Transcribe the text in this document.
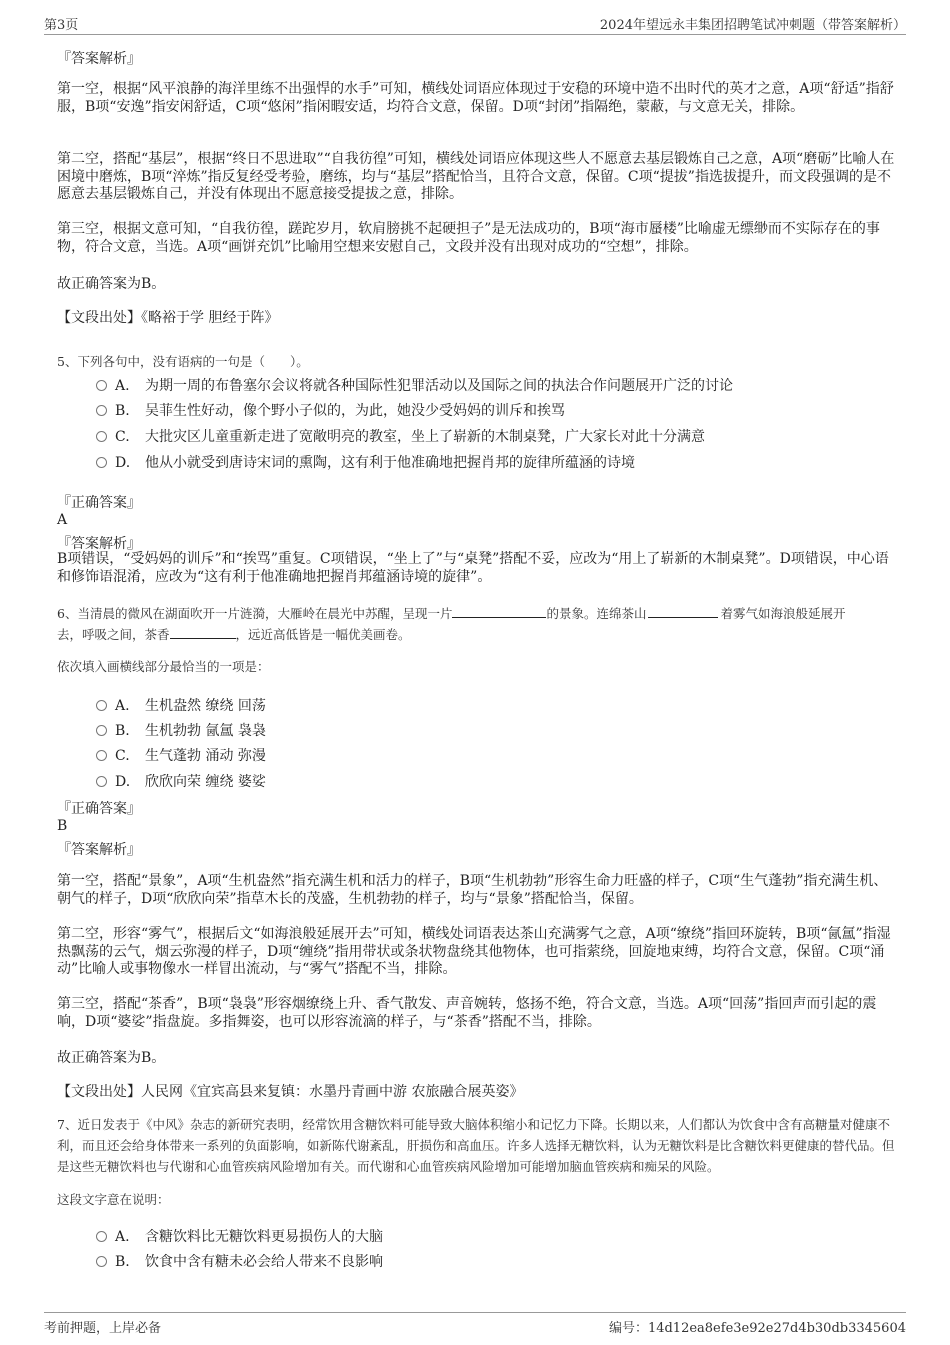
第3页	2024年望远永丰集团招聘笔试冲刺题（带答案解析）
『答案解析』

第一空，根据“风平浪静的海洋里练不出强悍的水手”可知，横线处词语应体现过于安稳的环境中造不出时代的英才之意，A项“舒适”指舒服，B项“安逸”指安闲舒适，C项“悠闲”指闲暇安适，均符合文意，保留。D项“封闭”指隔绝，蒙蔽，与文意无关，排除。

第二空，搭配“基层”，根据“终日不思进取”“自我彷徨”可知，横线处词语应体现这些人不愿意去基层锻炼自己之意，A项“磨砺”比喻人在困境中磨炼，B项“淬炼”指反复经受考验，磨练，均与“基层”搭配恰当，且符合文意，保留。C项“提拔”指选拔提升，而文段强调的是不愿意去基层锻炼自己，并没有体现出不愿意接受提拔之意，排除。

第三空，根据文意可知，“自我彷徨，蹉跎岁月，软肩膀挑不起硬担子”是无法成功的，B项“海市蜃楼”比喻虚无缥缈而不实际存在的事物，符合文意，当选。A项“画饼充饥”比喻用空想来安慰自己，文段并没有出现对成功的“空想”，排除。

故正确答案为B。
【文段出处】《略裕于学 胆经于阵》
5、下列各句中，没有语病的一句是（　　）。
A. 为期一周的布鲁塞尔会议将就各种国际性犯罪活动以及国际之间的执法合作问题展开广泛的讨论
B. 吴菲生性好动，像个野小子似的，为此，她没少受妈妈的训斥和挨骂
C. 大批灾区儿童重新走进了宽敞明亮的教室，坐上了崭新的木制桌凳，广大家长对此十分满意
D. 他从小就受到唐诗宋词的熏陶，这有利于他准确地把握肖邦的旋律所蕴涵的诗境
『正确答案』
A
『答案解析』

B项错误，“受妈妈的训斥”和“挨骂”重复。C项错误，“坐上了”与“桌凳”搭配不妥，应改为“用上了崭新的木制桌凳”。D项错误，中心语和修饰语混淆，应改为“这有利于他准确地把握肖邦蕴涵诗境的旋律”。

6、当清晨的微风在湖面吹开一片涟漪，大雁岭在晨光中苏醒，呈现一片	的景象。连绵茶山	着雾气如海浪般延展开
去，呼吸之间，茶香	，远近高低皆是一幅优美画卷。
依次填入画横线部分最恰当的一项是：
A. 生机盎然 缭绕 回荡
B. 生机勃勃 氤氲 袅袅
C. 生气蓬勃 涌动 弥漫
D. 欣欣向荣 缠绕 婆娑
『正确答案』
B
『答案解析』

第一空，搭配“景象”，A项“生机盎然”指充满生机和活力的样子，B项“生机勃勃”形容生命力旺盛的样子，C项“生气蓬勃”指充满生机、朝气的样子，D项“欣欣向荣”指草木长的茂盛，生机勃勃的样子，均与“景象”搭配恰当，保留。

第二空，形容“雾气”，根据后文“如海浪般延展开去”可知，横线处词语表达茶山充满雾气之意，A项“缭绕”指回环旋转，B项“氤氲”指湿热飘荡的云气，烟云弥漫的样子，D项“缠绕”指用带状或条状物盘绕其他物体，也可指萦绕，回旋地束缚，均符合文意，保留。C项“涌动”比喻人或事物像水一样冒出流动，与“雾气”搭配不当，排除。

第三空，搭配“茶香”，B项“袅袅”形容烟缭绕上升、香气散发、声音婉转，悠扬不绝，符合文意，当选。A项“回荡”指回声而引起的震响，D项“婆娑”指盘旋。多指舞姿，也可以形容流滴的样子，与“茶香”搭配不当，排除。

故正确答案为B。
【文段出处】人民网《宜宾高县来复镇：水墨丹青画中游 农旅融合展英姿》

7、近日发表于《中风》杂志的新研究表明，经常饮用含糖饮料可能导致大脑体积缩小和记忆力下降。长期以来，人们都认为饮食中含有高糖量对健康不利，而且还会给身体带来一系列的负面影响，如新陈代谢紊乱，肝损伤和高血压。许多人选择无糖饮料，认为无糖饮料是比含糖饮料更健康的替代品。但是这些无糖饮料也与代谢和心血管疾病风险增加有关。而代谢和心血管疾病风险增加可能增加脑血管疾病和痴呆的风险。

这段文字意在说明：
A. 含糖饮料比无糖饮料更易损伤人的大脑
B. 饮食中含有糖未必会给人带来不良影响
考前押题，上岸必备	编号：14d12ea8efe3e92e27d4b30db3345604
